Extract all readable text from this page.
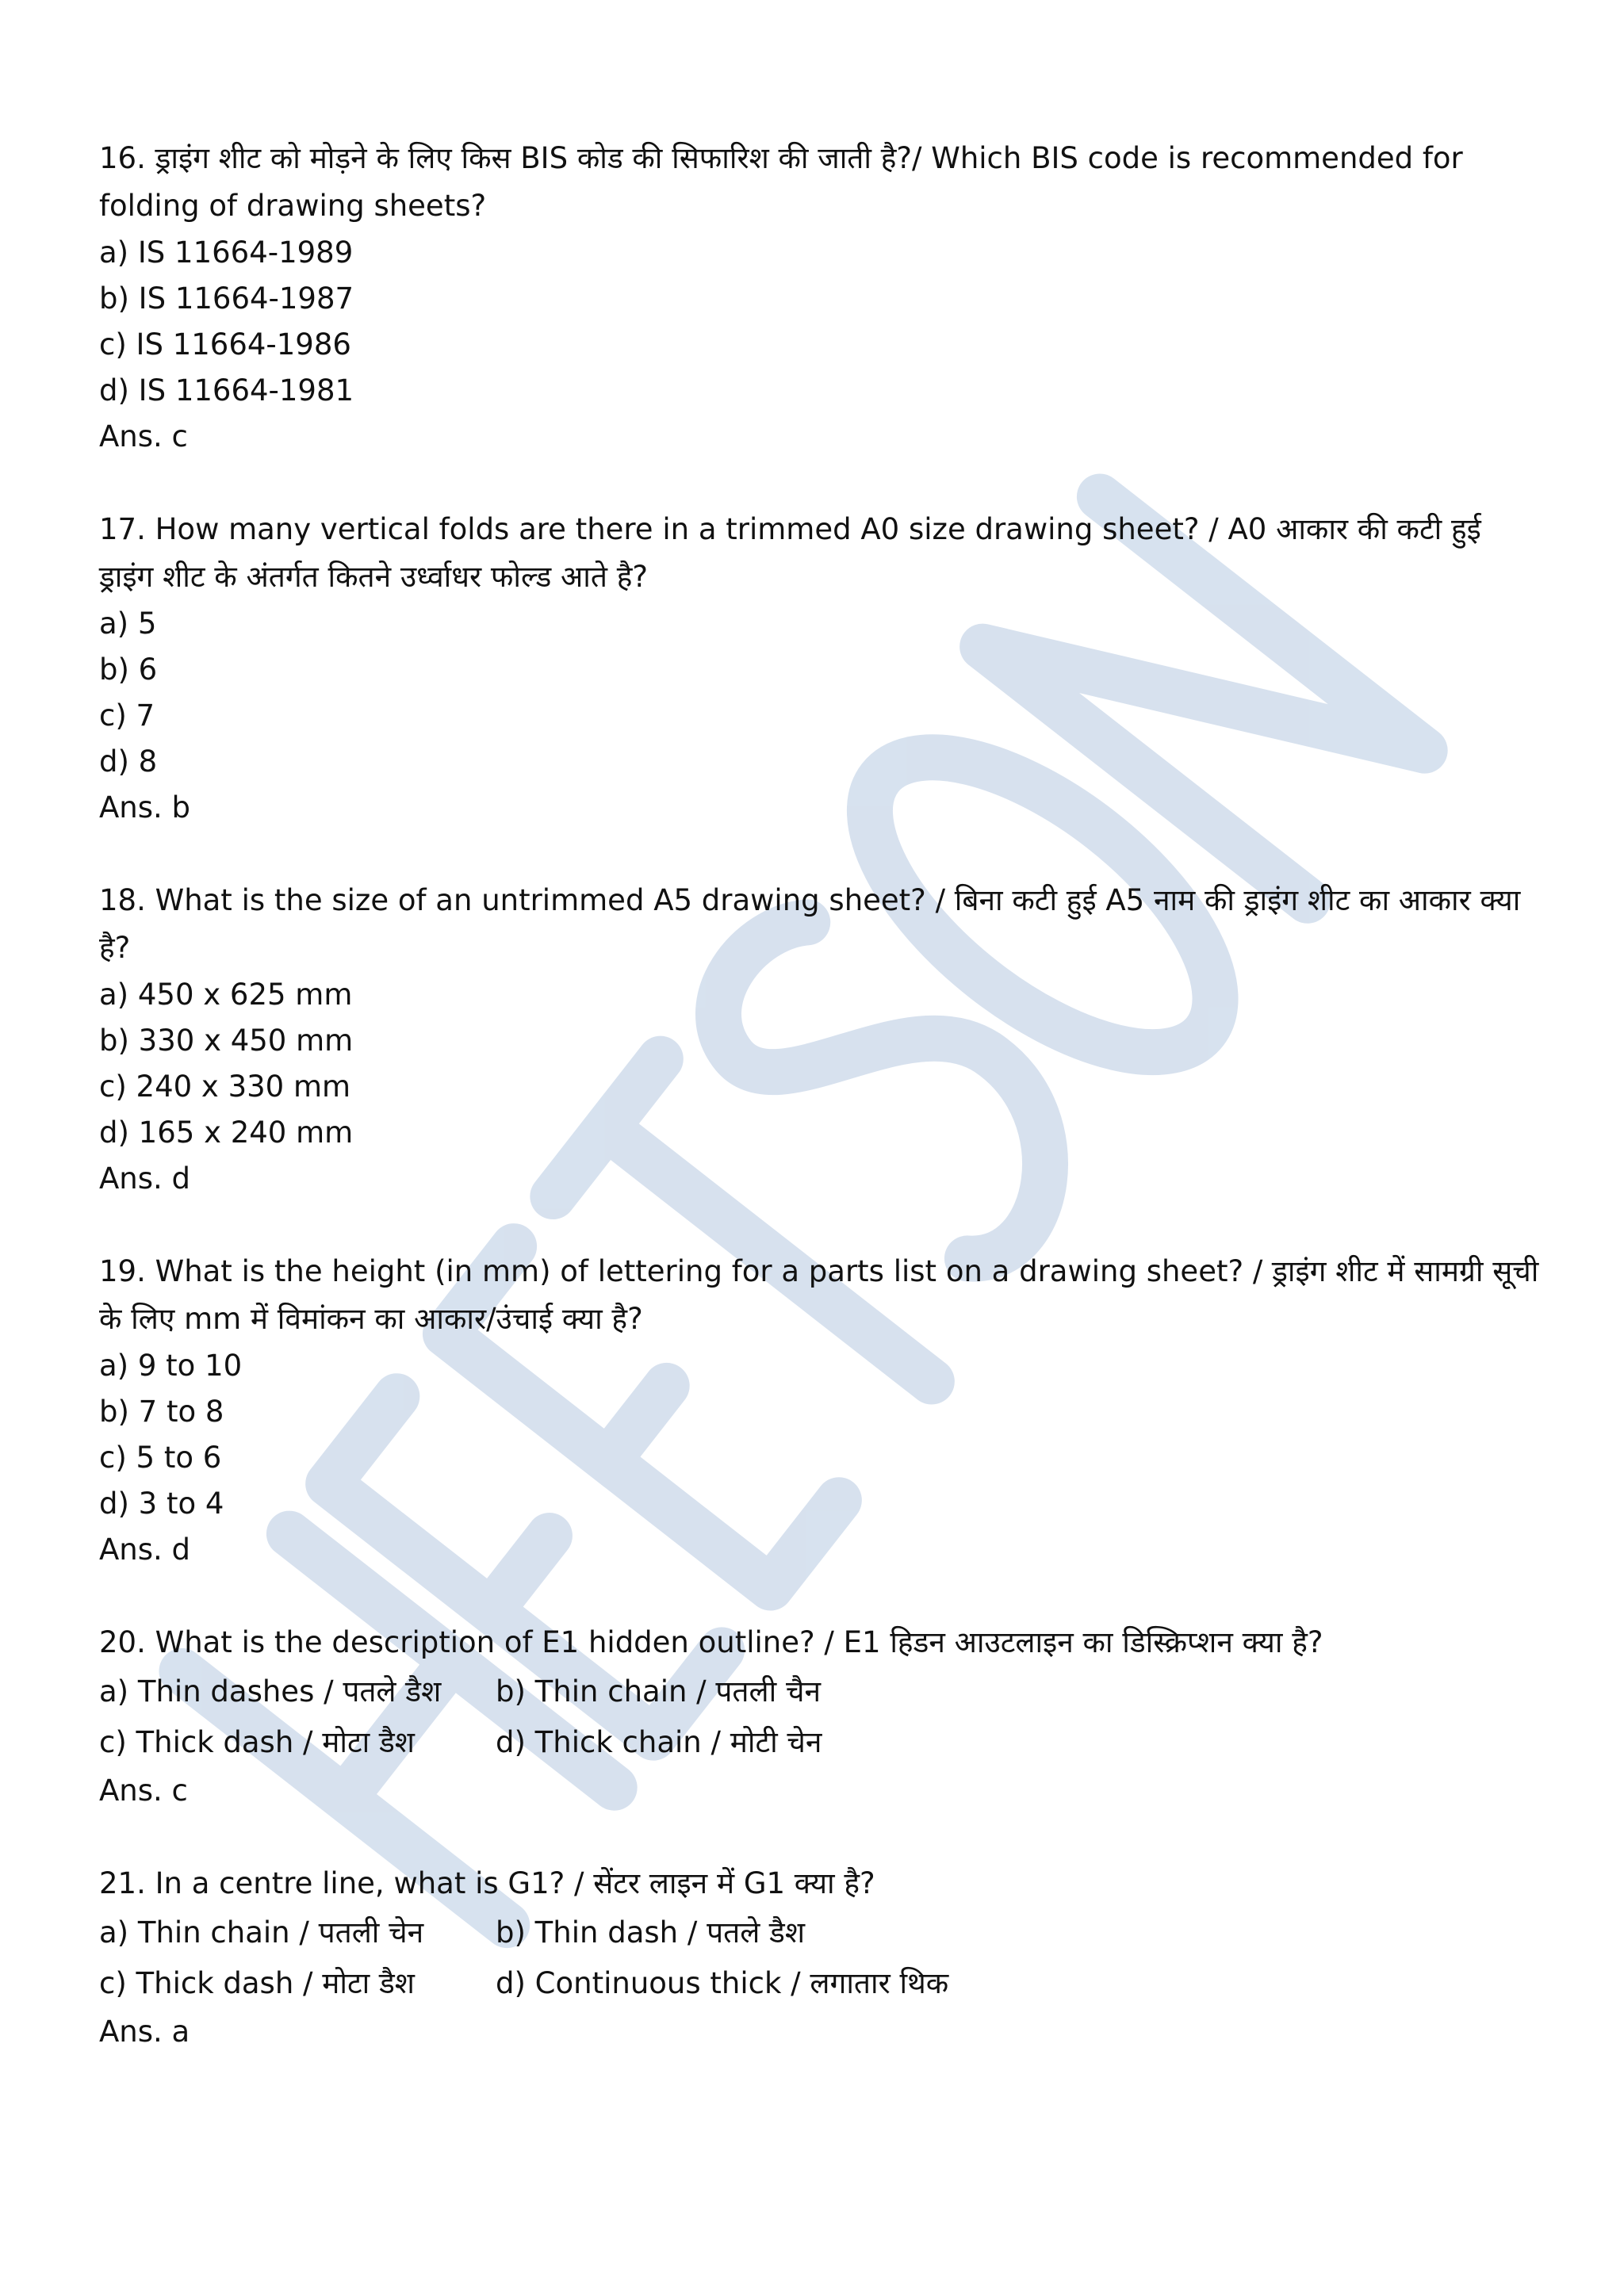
16. ड्राइंग शीट को मोड़ने के लिए किस BIS कोड की सिफारिश की जाती है?/ Which BIS code is recommended for folding of drawing sheets?

a) IS 11664-1989

b) IS 11664-1987

c) IS 11664-1986

d) IS 11664-1981

Ans. c

17. How many vertical folds are there in a trimmed A0 size drawing sheet? / A0 आकार की कटी हुई ड्राइंग शीट के अंतर्गत कितने उर्ध्वाधर फोल्ड आते है?

a) 5

b) 6

c) 7

d) 8

Ans. b

18. What is the size of an untrimmed A5 drawing sheet? / बिना कटी हुई A5 नाम की ड्राइंग शीट का आकार क्या है?

a) 450 x 625 mm

b) 330 x 450 mm

c) 240 x 330 mm

d) 165 x 240 mm

Ans. d

19. What is the height (in mm) of lettering for a parts list on a drawing sheet? / ड्राइंग शीट में सामग्री सूची के लिए mm में विमांकन का आकार/उंचाई क्या है?

a) 9 to 10

b) 7 to 8

c) 5 to 6

d) 3 to 4

Ans. d

20. What is the description of E1 hidden outline? / E1 हिडन आउटलाइन का डिस्क्रिप्शन क्या है?

a) Thin dashes / पतले डैश	b) Thin chain / पतली चैन

c) Thick dash / मोटा डैश	d) Thick chain / मोटी चेन

Ans. c

21. In a centre line, what is G1? / सेंटर लाइन में G1 क्या है?

a) Thin chain / पतली चेन	b) Thin dash / पतले डैश

c) Thick dash / मोटा डैश	d) Continuous thick / लगातार थिक

Ans. a
